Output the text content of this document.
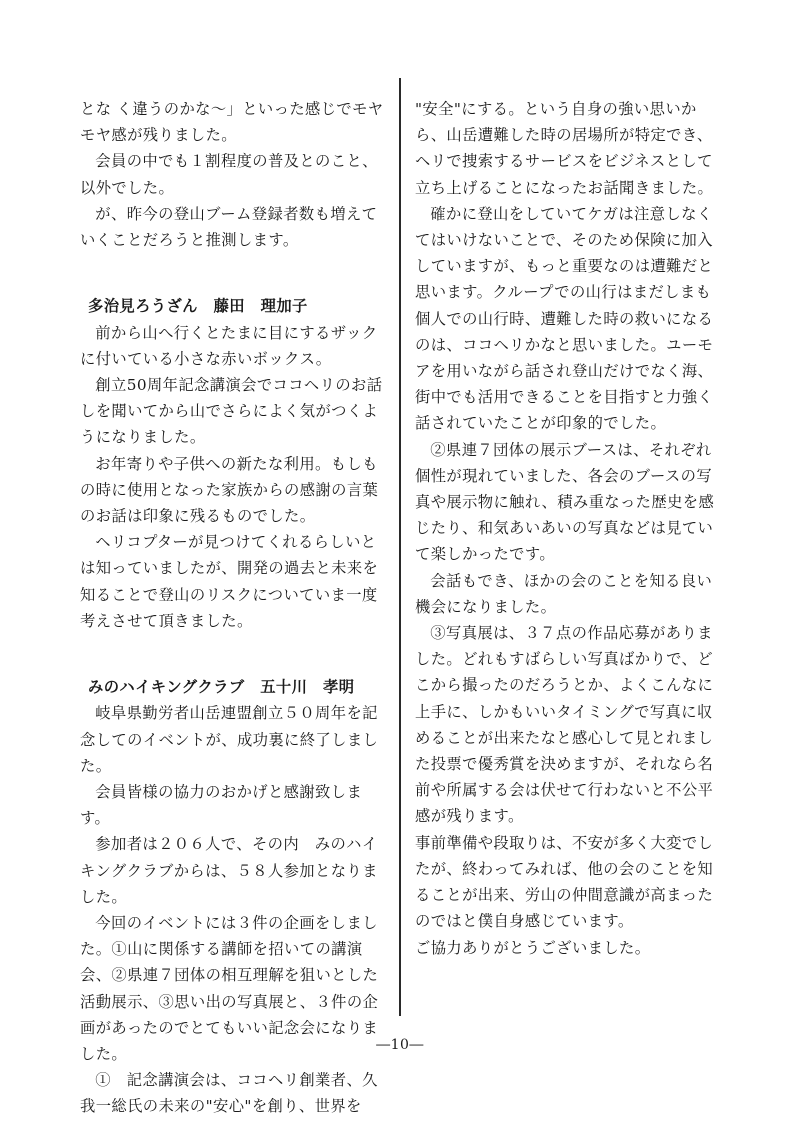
とな く違うのかな～」といった感じでモヤモヤ感が残りました。

会員の中でも１割程度の普及とのこと、以外でした。

が、昨今の登山ブーム登録者数も増えていくことだろうと推測します。

多治見ろうざん　藤田　理加子

前から山へ行くとたまに目にするザックに付いている小さな赤いボックス。

創立50周年記念講演会でココヘリのお話しを聞いてから山でさらによく気がつくようになりました。

お年寄りや子供への新たな利用。もしもの時に使用となった家族からの感謝の言葉のお話は印象に残るものでした。

ヘリコプターが見つけてくれるらしいとは知っていましたが、開発の過去と未来を知ることで登山のリスクについていま一度考えさせて頂きました。

みのハイキングクラブ　五十川　孝明

岐阜県勤労者山岳連盟創立５０周年を記念してのイベントが、成功裏に終了しました。

会員皆様の協力のおかげと感謝致します。

参加者は２０６人で、その内　みのハイキングクラブからは、５８人参加となりました。

今回のイベントには３件の企画をしました。①山に関係する講師を招いての講演会、②県連７団体の相互理解を狙いとした活動展示、③思い出の写真展と、３件の企画があったのでとてもいい記念会になりました。

①　記念講演会は、ココヘリ創業者、久我一総氏の未来の"安心"を創り、世界を

"安全"にする。という自身の強い思いから、山岳遭難した時の居場所が特定でき、ヘリで捜索するサービスをビジネスとして立ち上げることになったお話聞きました。

確かに登山をしていてケガは注意しなくてはいけないことで、そのため保険に加入していますが、もっと重要なのは遭難だと思います。クループでの山行はまだしまも個人での山行時、遭難した時の救いになるのは、ココヘリかなと思いました。ユーモアを用いながら話され登山だけでなく海、街中でも活用できることを目指すと力強く話されていたことが印象的でした。

②県連７団体の展示ブースは、それぞれ個性が現れていました、各会のブースの写真や展示物に触れ、積み重なった歴史を感じたり、和気あいあいの写真などは見ていて楽しかったです。

会話もでき、ほかの会のことを知る良い機会になりました。

③写真展は、３７点の作品応募がありました。どれもすばらしい写真ばかりで、どこから撮ったのだろうとか、よくこんなに上手に、しかもいいタイミングで写真に収めることが出来たなと感心して見とれました投票で優秀賞を決めますが、それなら名前や所属する会は伏せて行わないと不公平感が残ります。

事前準備や段取りは、不安が多く大変でしたが、終わってみれば、他の会のことを知ることが出来、労山の仲間意識が高まったのではと僕自身感じています。

ご協力ありがとうございました。

―10―
